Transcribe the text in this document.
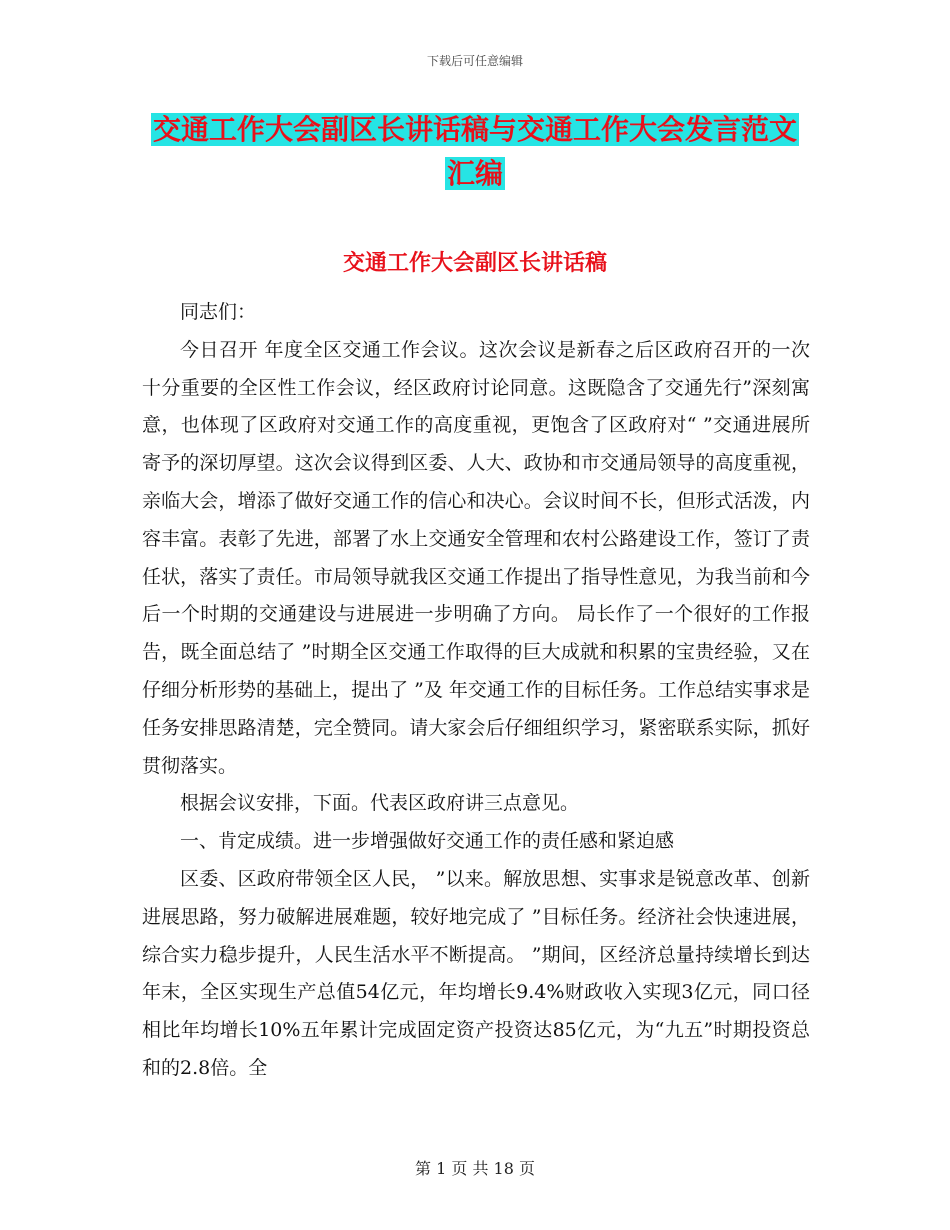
下载后可任意编辑
交通工作大会副区长讲话稿与交通工作大会发言范文
汇编
交通工作大会副区长讲话稿

同志们：

今日召开 年度全区交通工作会议。这次会议是新春之后区政府召开的一次十分重要的全区性工作会议，经区政府讨论同意。这既隐含了交通先行”深刻寓意，也体现了区政府对交通工作的高度重视，更饱含了区政府对“ ”交通进展所寄予的深切厚望。这次会议得到区委、人大、政协和市交通局领导的高度重视，亲临大会，增添了做好交通工作的信心和决心。会议时间不长，但形式活泼，内容丰富。表彰了先进，部署了水上交通安全管理和农村公路建设工作，签订了责任状，落实了责任。市局领导就我区交通工作提出了指导性意见，为我当前和今后一个时期的交通建设与进展进一步明确了方向。 局长作了一个很好的工作报告，既全面总结了 ”时期全区交通工作取得的巨大成就和积累的宝贵经验，又在仔细分析形势的基础上，提出了 ”及 年交通工作的目标任务。工作总结实事求是任务安排思路清楚，完全赞同。请大家会后仔细组织学习，紧密联系实际，抓好贯彻落实。

根据会议安排，下面。代表区政府讲三点意见。

一、肯定成绩。进一步增强做好交通工作的责任感和紧迫感

区委、区政府带领全区人民， ”以来。解放思想、实事求是锐意改革、创新进展思路，努力破解进展难题，较好地完成了 ”目标任务。经济社会快速进展，综合实力稳步提升，人民生活水平不断提高。 ”期间，区经济总量持续增长到达 年末，全区实现生产总值54亿元，年均增长9.4%财政收入实现3亿元，同口径相比年均增长10%五年累计完成固定资产投资达85亿元，为“九五”时期投资总和的2.8倍。全

第 1 页 共 18 页
